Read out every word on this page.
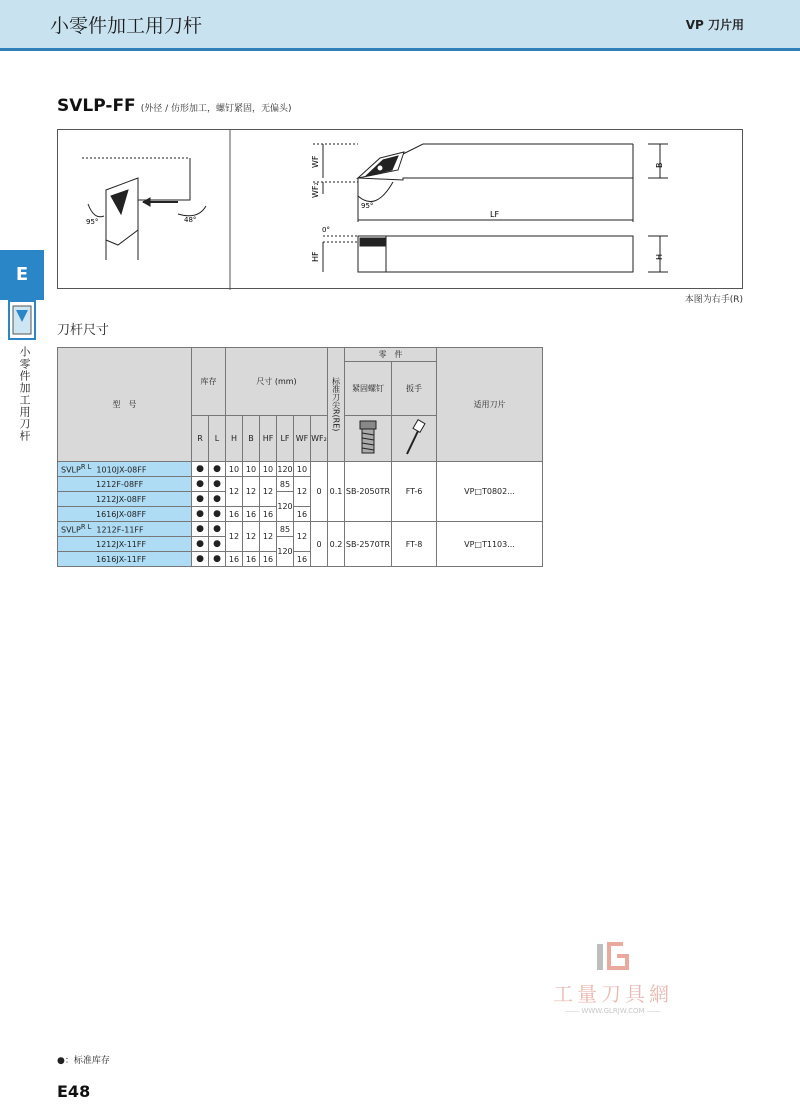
小零件加工用刀杆	VP 刀片用
E
小零件加工用刀杆
SVLP-FF (外径 / 仿形加工，螺钉紧固，无偏头)
95°	48°
WF
WF₂
B
LF
95°
0°
HF	H
本图为右手(R)
刀杆尺寸
型　号	库存		尺寸 (mm)						标准刀尖R(RE)	零　件		适用刀片
										紧固螺钉	扳手	
	R	L	H	B	HF	LF	WF	WF₂		
$SVLP^{R L}$ 1010JX-08FF	●	●	10	10	10	120	10	0	0.1	SB-2050TR	FT-6	VP□T0802...
1212F-08FF	●	●	12	12	12	85	12					
1212JX-08FF	●	●				120						
1616JX-08FF	●	●	16	16	16		16					
$SVLP^{R L}$ 1212F-11FF	●	●	12	12	12	85	12	0	0.2	SB-2570TR	FT-8	VP□T1103...
1212JX-11FF	●	●				120						
1616JX-11FF	●	●	16	16	16		16					
工量刀具網
—— WWW.GLRJW.COM ——
●：标准库存
E48
